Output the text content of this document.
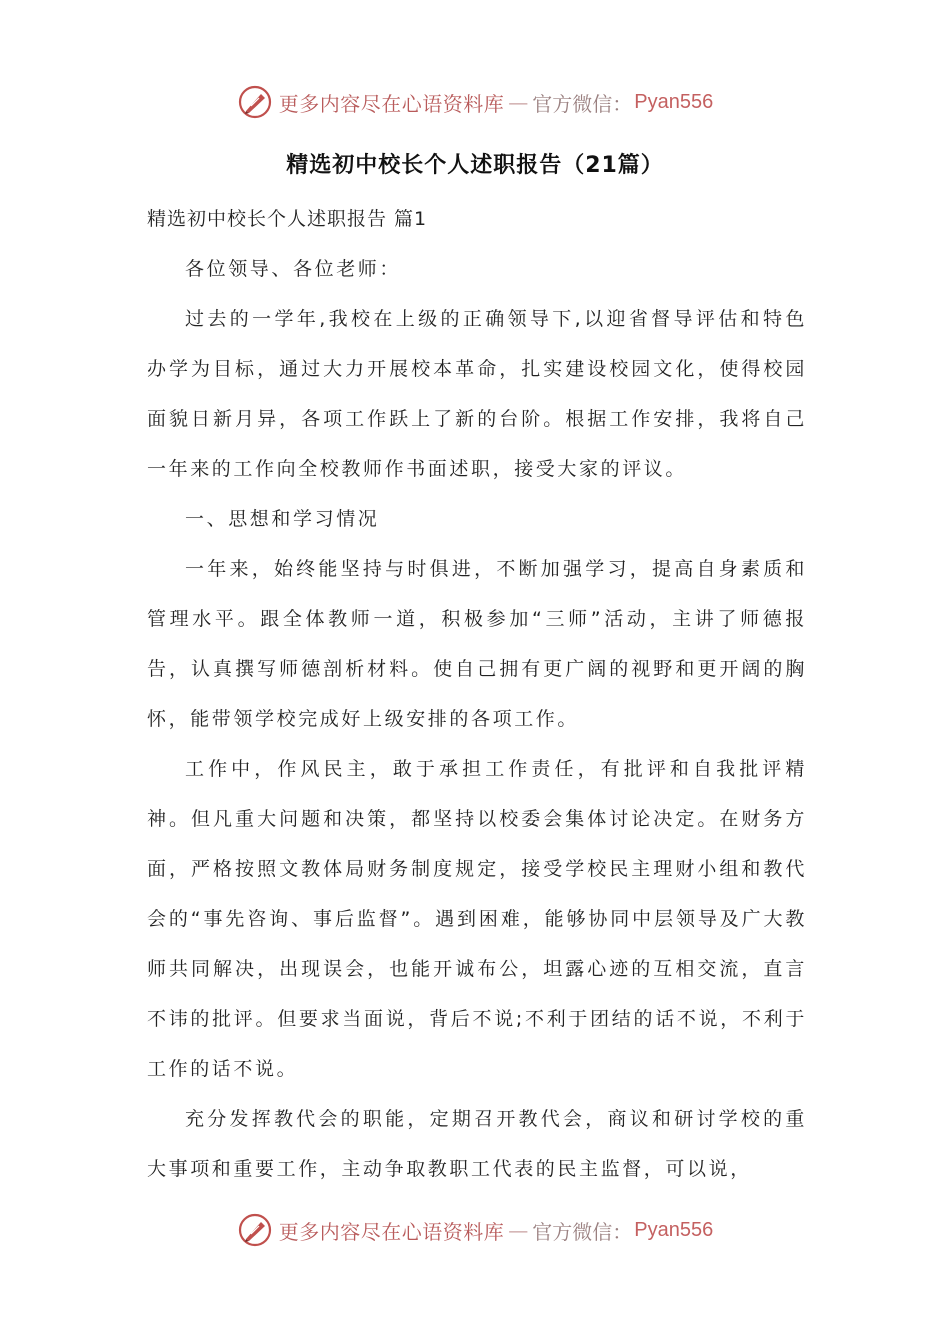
更多内容尽在心语资料库 — 官方微信： Pyan556
精选初中校长个人述职报告（21篇）
精选初中校长个人述职报告 篇1

各位领导、各位老师：

过去的一学年,我校在上级的正确领导下,以迎省督导评估和特色办学为目标，通过大力开展校本革命，扎实建设校园文化，使得校园面貌日新月异，各项工作跃上了新的台阶。根据工作安排，我将自己一年来的工作向全校教师作书面述职，接受大家的评议。

一、思想和学习情况

一年来，始终能坚持与时俱进，不断加强学习，提高自身素质和管理水平。跟全体教师一道，积极参加“三师”活动，主讲了师德报告，认真撰写师德剖析材料。使自己拥有更广阔的视野和更开阔的胸怀，能带领学校完成好上级安排的各项工作。

工作中，作风民主，敢于承担工作责任，有批评和自我批评精神。但凡重大问题和决策，都坚持以校委会集体讨论决定。在财务方面，严格按照文教体局财务制度规定，接受学校民主理财小组和教代会的“事先咨询、事后监督”。遇到困难，能够协同中层领导及广大教师共同解决，出现误会，也能开诚布公，坦露心迹的互相交流，直言不讳的批评。但要求当面说，背后不说;不利于团结的话不说，不利于工作的话不说。

充分发挥教代会的职能，定期召开教代会，商议和研讨学校的重大事项和重要工作，主动争取教职工代表的民主监督，可以说，

更多内容尽在心语资料库 — 官方微信： Pyan556
